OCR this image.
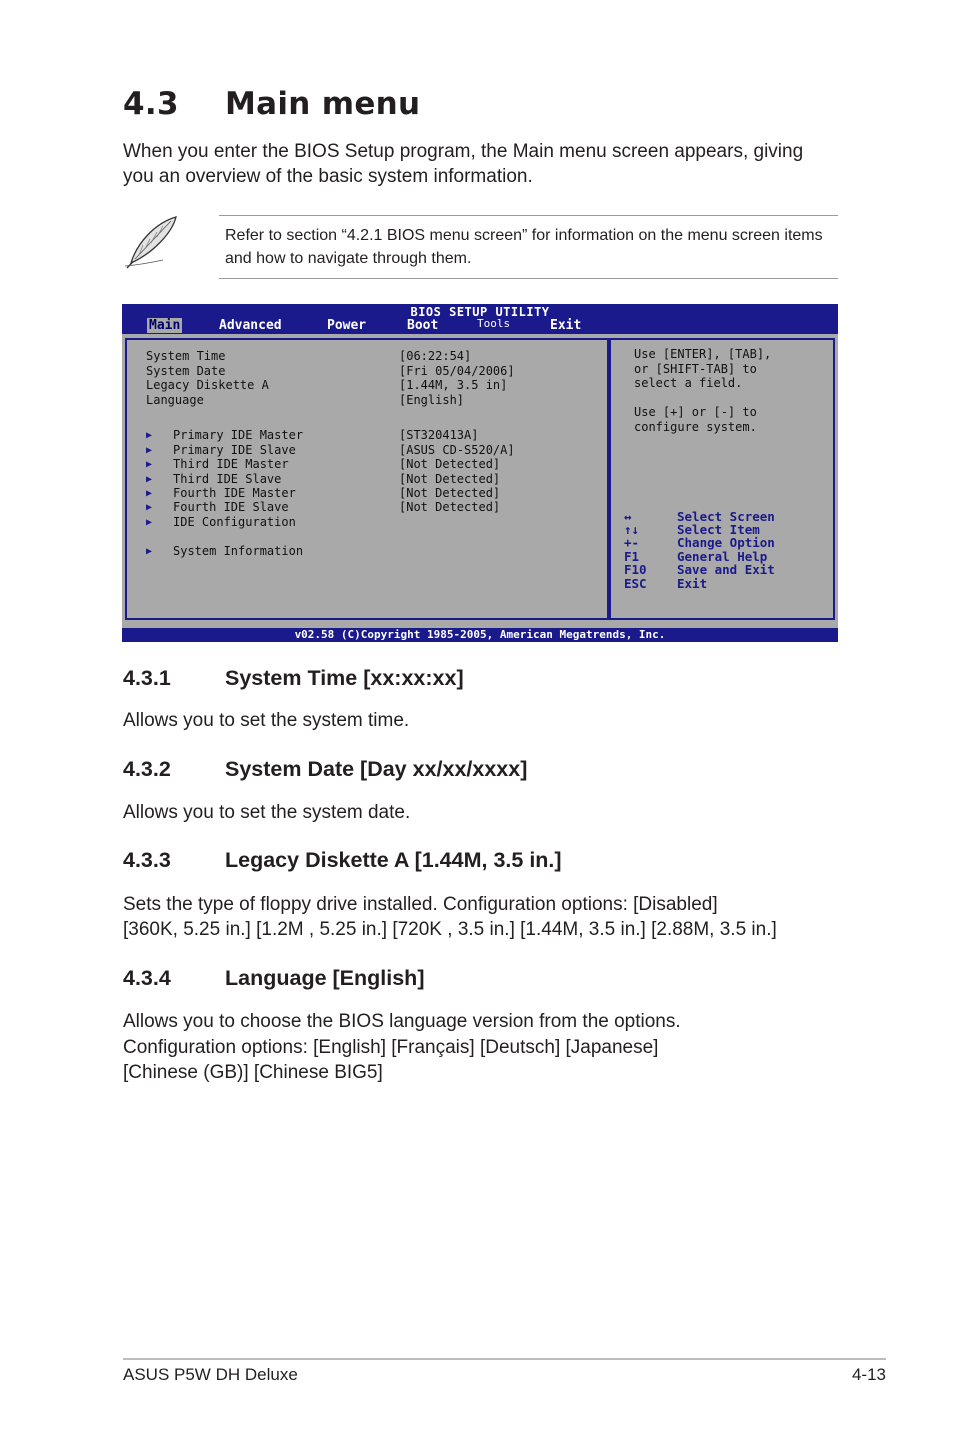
4.3 Main menu

When you enter the BIOS Setup program, the Main menu screen appears, giving you an overview of the basic system information.

Refer to section “4.2.1 BIOS menu screen” for information on the menu screen items and how to navigate through them.
BIOS SETUP UTILITY
Main	Advanced	Power	Boot	Tools	Exit
System Time	[06:22:54]
System Date	[Fri 05/04/2006]
Legacy Diskette A	[1.44M, 3.5 in]
Language	[English]
▶ Primary IDE Master	[ST320413A]
▶ Primary IDE Slave	[ASUS CD-S520/A]
▶ Third IDE Master	[Not Detected]
▶ Third IDE Slave	[Not Detected]
▶ Fourth IDE Master	[Not Detected]
▶ Fourth IDE Slave	[Not Detected]
▶ IDE Configuration
▶ System Information
Use [ENTER], [TAB],
or [SHIFT-TAB] to
select a field.
Use [+] or [-] to
configure system.
↔	Select Screen
↑↓	Select Item
+-	Change Option
F1	General Help
F10 Save and Exit
ESC Exit
v02.58 (C)Copyright 1985-2005, American Megatrends, Inc.
4.3.1	System Time [xx:xx:xx]

Allows you to set the system time.

4.3.2	System Date [Day xx/xx/xxxx]

Allows you to set the system date.

4.3.3	Legacy Diskette A [1.44M, 3.5 in.]

Sets the type of floppy drive installed. Configuration options: [Disabled]

[360K, 5.25 in.] [1.2M , 5.25 in.] [720K , 3.5 in.] [1.44M, 3.5 in.] [2.88M, 3.5 in.]

4.3.4	Language [English]

Allows you to choose the BIOS language version from the options.

Configuration options: [English] [Français] [Deutsch] [Japanese]

[Chinese (GB)] [Chinese BIG5]

ASUS P5W DH Deluxe	4-13
